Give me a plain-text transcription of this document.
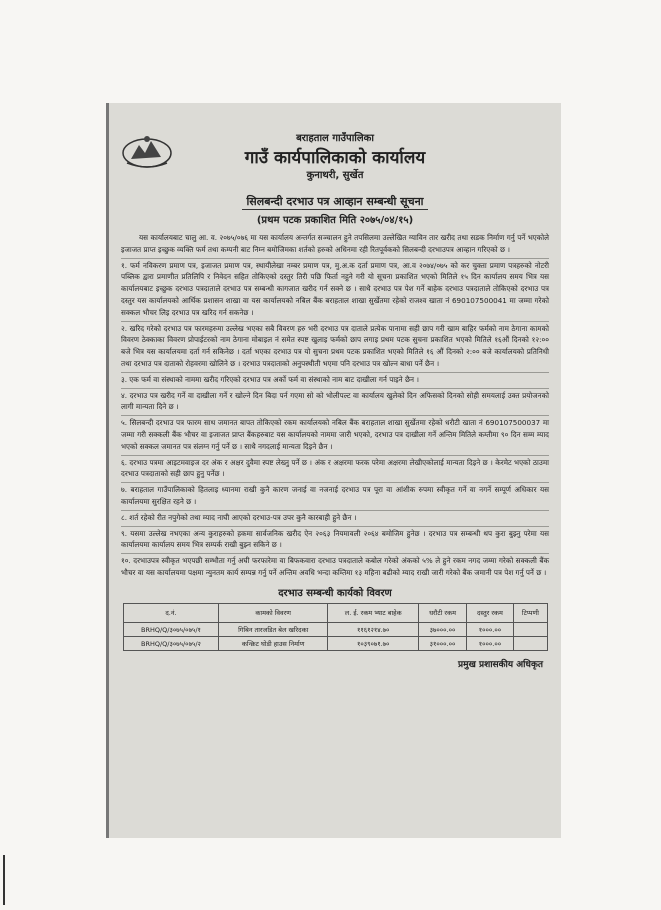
बराहताल गाउँपालिका
गाउँ कार्यपालिकाको कार्यालय
कुनाथरी, सुर्खेत
सिलबन्दी दरभाउ पत्र आव्हान सम्बन्धी सूचना
(प्रथम पटक प्रकाशित मिति २०७५/०४/१५)

यस कार्यालयबाट चालु आ. व. २०७५/०७६ मा यस कार्यालय अन्तर्गत सञ्चालन हुने तपसिलमा उल्लेखित ग्याविन तार खरीद तथा सडक निर्माण गर्नु पर्ने भएकोले इजाजत प्राप्त इच्छुक व्यक्ति फर्म तथा कम्पनी बाट निम्न बमोजिमका शर्तको हरुको अधिनमा रही रितपूर्वकको सिलबन्दी दरभाउपत्र आव्हान गरिएको छ ।

१. फर्म नविकरण प्रमाण पत्र, इजाजत प्रमाण पत्र, स्थायीलेखा नम्बर प्रमाण पत्र, मु.अ.क दर्ता प्रमाण पत्र, आ.व २०७४/०७५ को कर चुक्ता प्रमाण पत्रहरुको नोटरी पब्लिक द्वारा प्रमाणीत प्रतिलिपि र निवेदन सहित तोकिएको दस्तुर तिरी पछि फिर्ता नहुने गरी यो सूचना प्रकाशित भएको मितिले १५ दिन कार्यालय समय भित्र यस कार्यालयबाट इच्छुक दरभाउ पत्रदाताले दरभाउ पत्र सम्बन्धी कागजात खरीद गर्न सक्ने छ । साथै दरभाउ पत्र पेश गर्ने बाहेक दरभाउ पत्रदाताले तोकिएको दरभाउ पत्र दस्तुर यस कार्यालयको आर्थिक प्रशासन शाखा वा यस कार्यालयको नबिल बैंक बराहताल शाखा सुर्खेतमा रहेको राजश्व खाता नं 690107500041 मा जम्मा गरेको सक्कल भौचर लिइ दरभाउ पत्र खरिद गर्न सकनेछ ।

२. खरिद गरेको दरभाउ पत्र फारमहरुमा उल्लेख भएका सबै विवरण हरु भरी दरभाउ पत्र दाताले प्रत्येक पानामा सही छाप गरी खाम बाहिर फर्मको नाम ठेगाना कामको विवरण ठेक्काका विवरण प्रोपाईटरको नाम ठेगाना मोबाइल नं समेत स्पष्ट खुलाइ फर्मको छाप लगाइ प्रथम पटक सुचना प्रकाशित भएको मितिले १६औं दिनको १२:०० बजे भित्र यस कार्यालयमा दर्ता गर्न सकिनेछ । दर्ता भएका दरभाउ पत्र यो सुचना प्रथम पटक प्रकाशित भएको मितिले १६ औं दिनको २:०० बजे कार्यालयको प्रतिनिधी तथा दरभाउ पत्र दाताको रोहवरमा खोलिने छ । दरभाउ पत्रदाताको अनुपस्थीती भएमा पनि दरभाउ पत्र खोल्न बाधा पर्ने छैन ।

३. एक फर्म वा संस्थाको नाममा खरीद गरिएको दरभाउ पत्र अर्को फर्म वा संस्थाको नाम बाट दाखीला गर्न पाइने छैन ।

४. दरभाउ पत्र खरीद गर्ने वा दाखीला गर्ने र खोल्ने दिन बिदा पर्न गएमा सो को भोलीपल्ट वा कार्यालय खुलेको दिन अफिसको दिनको सोही समयलाई उक्त प्रयोजनको लागी मान्यता दिने छ ।

५. सिलबन्दी दरभाउ पत्र फारम साथ जमानत बापत तोकिएको रकम कार्यालयको नबिल बैंक बराहताल शाखा सुर्खेतमा रहेको धरौटी खाता नं 690107500037 मा जम्मा गरी सक्कली बैंक भौचर वा इजाजत प्राप्त बैंकहरुबाट यस कार्यालयको नाममा जारी भएको, दरभाउ पत्र दाखीला गर्ने अन्तिम मितिले कम्तीमा ९० दिन सम्म म्याद भएको सक्कल जमानत पत्र संलग्न गर्नु पर्ने छ । साथै नगदलाई मान्यता दिइने छैन ।

६. दरभाउ पत्रमा आइटमवाइज दर अंक र अक्षर दुवैमा स्पष्ट लेख्नु पर्ने छ । अंक र अक्षरमा फरक परेमा अक्षरमा लेखीएकोलाई मान्यता दिइने छ । केरमेट भएको ठाउमा दरभाउ पत्रदाताको सही छाप हुनु पर्नेछ ।

७. बराहताल गाउँपालिकाको हितलाइ ध्यानमा राखी कुनै कारण जनाई वा नजनाई दरभाउ पत्र पूरा वा आंशीक रुपमा स्वीकृत गर्ने वा नगर्ने सम्पूर्ण अधिकार यस कार्यालयमा सुरक्षित रहने छ ।

८. शर्त रहेको रीत नपुगेको तथा म्याद नाघी आएको दरभाउ-पत्र उपर कुनै कारबाही हुने छैन ।

९. यसमा उल्लेख नभएका अन्य कुराहरुको हकमा सार्वजनिक खरीद ऐन २०६३ नियमावली २०६४ बमोजिम हुनेछ । दरभाउ पत्र सम्बन्धी थप कुरा बुझ्नु परेमा यस कार्यालयमा कार्यालय समय भित्र सम्पर्क राखी बुझ्न सकिने छ ।

१०. दरभाउपत्र स्वीकृत भएपछी सम्भौता गर्नु अघी फरफारेमा वा बिफकवारा दरभाउ पत्रदाताले कबोल गरेको अंकको ५% ले हुने रकम नगद जम्मा गरेको सक्कली बैंक भौचर वा यस कार्यालयमा पक्षमा न्युनतम कार्य सम्पन्न गर्नु पर्ने अन्तिम अवधि भन्दा कम्तिमा १३ महिना बढीको म्याद राखी जारी गरेको बैंक जमानी पत्र पेश गर्नु पर्ने छ ।

दरभाउ सम्बन्धी कार्यको विवरण
द.नं.	कामको विवरण	ल. ई. रकम भ्याट बाहेक	धरौटी रकम	दस्तुर रकम	टिप्पणी
BRHQ/Q/३०७५/०७५/१	गिबिन तारजडित बेल खरिदका	११६१२१४.७०	३७०००.००	१०००.००	
BRHQ/Q/३०७५/०७५/२	कन्क्रिट घोडी हाउस निर्माण	१०३९०७१.७०	३१०००.००	१०००.००	
प्रमुख प्रशासकीय अधिकृत
